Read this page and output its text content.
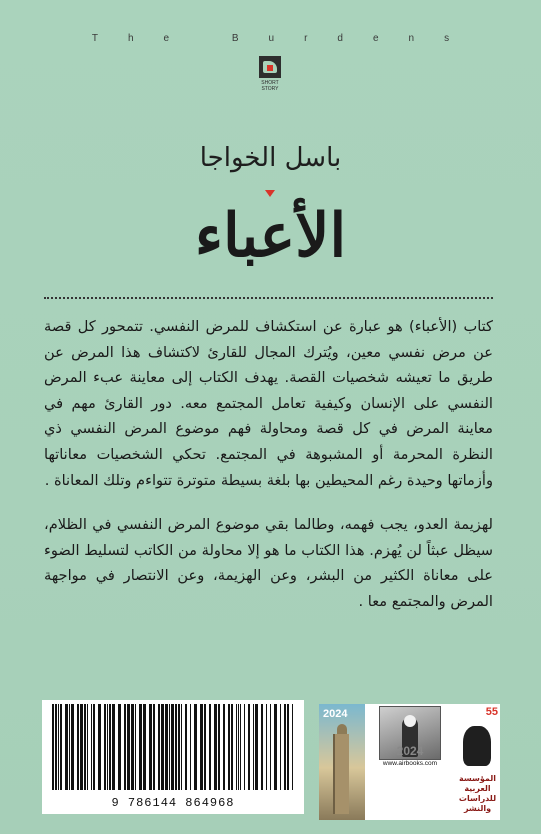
The Burdens
SHORT
STORY
باسل الخواجا
الأعباء
كتاب (الأعباء) هو عبارة عن استكشاف للمرض النفسي. تتمحور كل قصة عن مرض نفسي معين، ويُترك المجال للقارئ لاكتشاف هذا المرض عن طريق ما تعيشه شخصيات القصة. يهدف الكتاب إلى معاينة عبء المرض النفسي على الإنسان وكيفية تعامل المجتمع معه. دور القارئ مهم في معاينة المرض في كل قصة ومحاولة فهم موضوع المرض النفسي ذي النظرة المحرمة أو المشبوهة في المجتمع. تحكي الشخصيات معاناتها وأزماتها وحيدة رغم المحيطين بها بلغة بسيطة متوترة تتواءم وتلك المعاناة .
لهزيمة العدو، يجب فهمه، وطالما بقي موضوع المرض النفسي في الظلام، سيظل عبثاً لن يُهزم. هذا الكتاب ما هو إلا محاولة من الكاتب لتسليط الضوء على معاناة الكثير من البشر، وعن الهزيمة، وعن الانتصار في مواجهة المرض والمجتمع معا .
9 786144 864968
2024
2024
www.airbooks.com
55
المؤسسة العربية للدراسات والنشر
